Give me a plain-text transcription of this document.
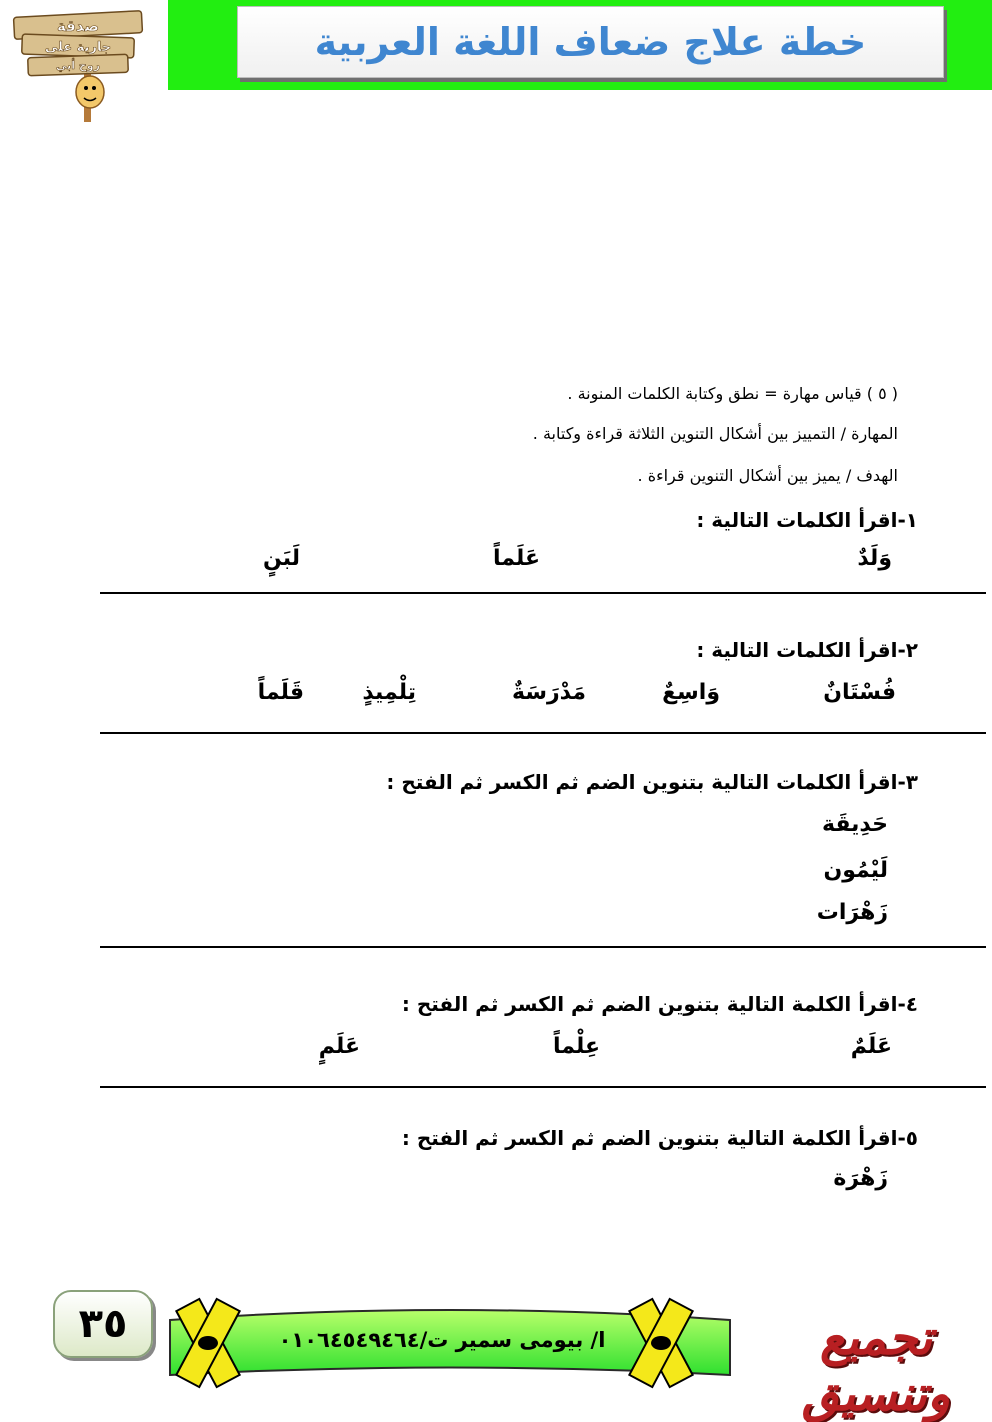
خطة علاج ضعاف اللغة العربية
صدقة
جارية على
روح أبي
( ٥ ) قياس مهارة = نطق وكتابة الكلمات المنونة .
المهارة / التمييز بين أشكال التنوين الثلاثة قراءة وكتابة .
الهدف / يميز بين أشكال التنوين قراءة .
١-اقرأ الكلمات التالية :
وَلَدٌ
عَلَماً
لَبَنٍ
٢-اقرأ الكلمات التالية :
فُسْتَانٌ
وَاسِعٌ
مَدْرَسَةٌ
تِلْمِيذٍ
قَلَماً
٣-اقرأ الكلمات التالية بتنوين الضم ثم الكسر ثم الفتح :
حَدِيقَة
لَيْمُون
زَهْرَات
٤-اقرأ الكلمة التالية بتنوين الضم ثم الكسر ثم الفتح :
عَلَمٌ
عِلْماً
عَلَمٍ
٥-اقرأ الكلمة التالية بتنوين الضم ثم الكسر ثم الفتح :
زَهْرَة
٣٥	ا/ بيومى سمير ت/٠١٠٦٤٥٤٩٤٦٤	تجميع وتنسيق
